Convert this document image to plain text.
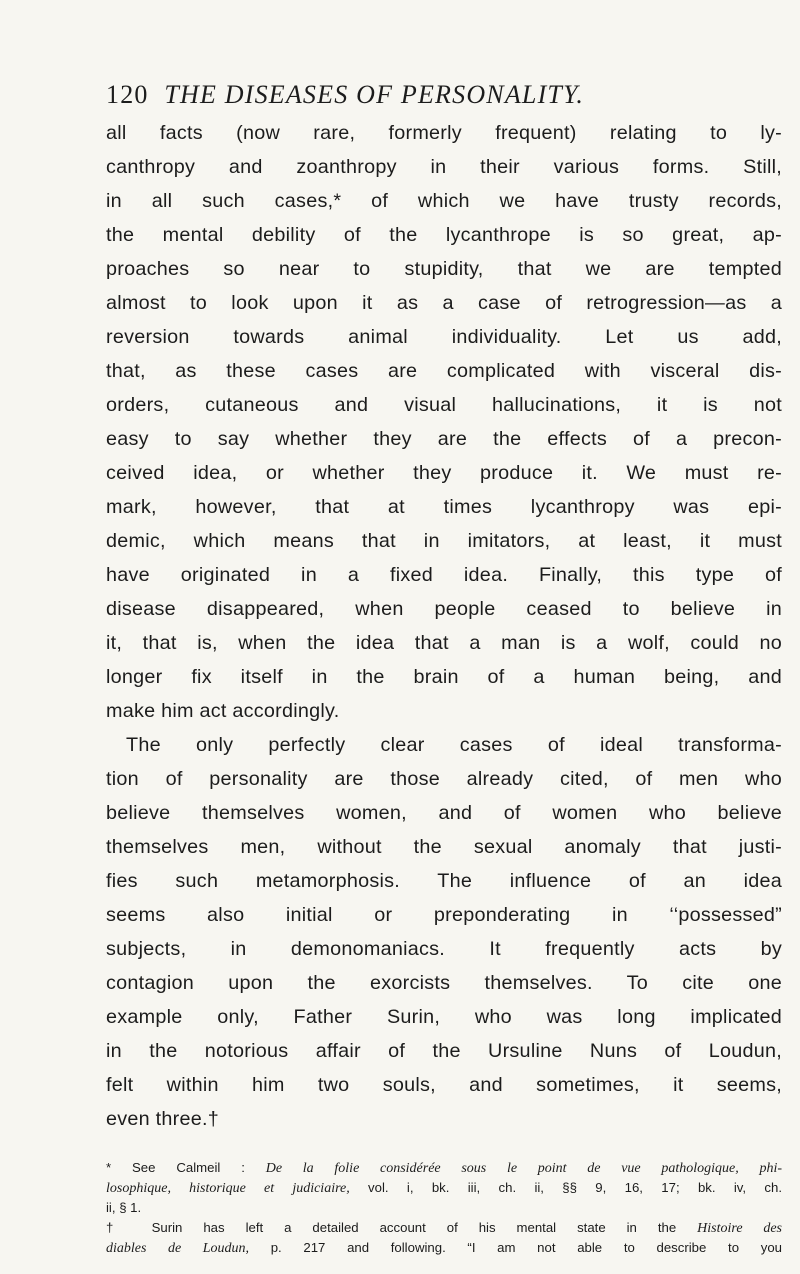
120 THE DISEASES OF PERSONALITY.
all facts (now rare, formerly frequent) relating to ly-
canthropy and zoanthropy in their various forms. Still,
in all such cases,* of which we have trusty records,
the mental debility of the lycanthrope is so great, ap-
proaches so near to stupidity, that we are tempted
almost to look upon it as a case of retrogression—as a
reversion towards animal individuality. Let us add,
that, as these cases are complicated with visceral dis-
orders, cutaneous and visual hallucinations, it is not
easy to say whether they are the effects of a precon-
ceived idea, or whether they produce it. We must re-
mark, however, that at times lycanthropy was epi-
demic, which means that in imitators, at least, it must
have originated in a fixed idea. Finally, this type of
disease disappeared, when people ceased to believe in
it, that is, when the idea that a man is a wolf, could no
longer fix itself in the brain of a human being, and
make him act accordingly.
The only perfectly clear cases of ideal transforma-
tion of personality are those already cited, of men who
believe themselves women, and of women who believe
themselves men, without the sexual anomaly that justi-
fies such metamorphosis. The influence of an idea
seems also initial or preponderating in ‘‘possessed”
subjects, in demonomaniacs. It frequently acts by
contagion upon the exorcists themselves. To cite one
example only, Father Surin, who was long implicated
in the notorious affair of the Ursuline Nuns of Loudun,
felt within him two souls, and sometimes, it seems,
even three.†
* See Calmeil : De la folie considérée sous le point de vue pathologique, phi-
losophique, historique et judiciaire, vol. i, bk. iii, ch. ii, §§ 9, 16, 17; bk. iv, ch.
ii, § 1.
† Surin has left a detailed account of his mental state in the Histoire des
diables de Loudun, p. 217 and following. “I am not able to describe to you
